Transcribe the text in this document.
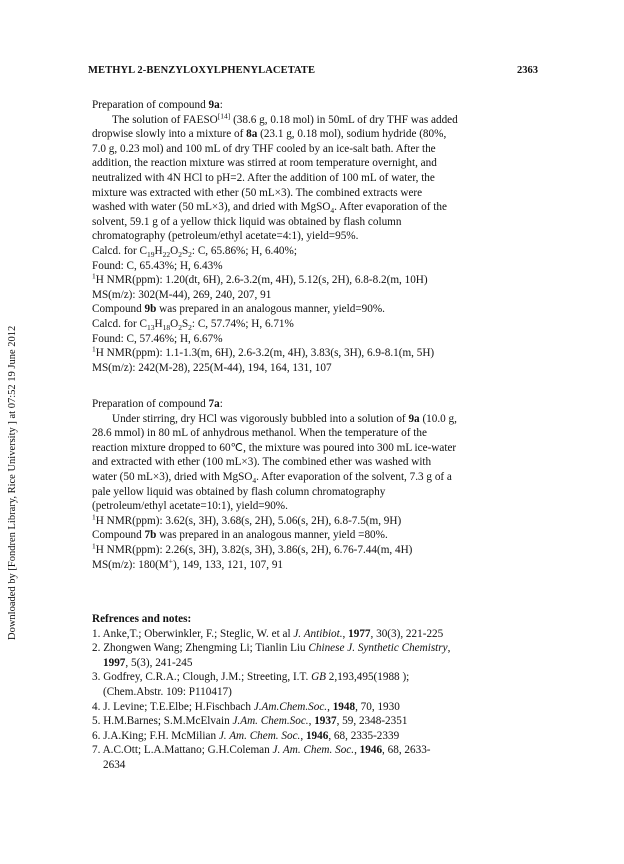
METHYL 2-BENZYLOXYLPHENYLACETATE	2363
Downloaded by [Fondren Library, Rice University ] at 07:52 19 June 2012
Preparation of compound 9a:
The solution of FAESO[14] (38.6 g, 0.18 mol) in 50mL of dry THF was added
dropwise slowly into a mixture of 8a (23.1 g, 0.18 mol), sodium hydride (80%,
7.0 g, 0.23 mol) and 100 mL of dry THF cooled by an ice-salt bath. After the
addition, the reaction mixture was stirred at room temperature overnight, and
neutralized with 4N HCl to pH=2. After the addition of 100 mL of water, the
mixture was extracted with ether (50 mL×3). The combined extracts were
washed with water (50 mL×3), and dried with MgSO$_4$. After evaporation of the
solvent, 59.1 g of a yellow thick liquid was obtained by flash column
chromatography (petroleum/ethyl acetate=4:1), yield=95%.
Calcd. for $C_{19}H_{22}O_2S_2$: C, 65.86%; H, 6.40%;
Found: C, 65.43%; H, 6.43%
$^1$H NMR(ppm): 1.20(dt, 6H), 2.6-3.2(m, 4H), 5.12(s, 2H), 6.8-8.2(m, 10H)
MS(m/z): 302(M-44), 269, 240, 207, 91
Compound 9b was prepared in an analogous manner, yield=90%.
Calcd. for $C_{13}H_{18}O_2S_2$: C, 57.74%; H, 6.71%
Found: C, 57.46%; H, 6.67%
$^1$H NMR(ppm): 1.1-1.3(m, 6H), 2.6-3.2(m, 4H), 3.83(s, 3H), 6.9-8.1(m, 5H)
MS(m/z): 242(M-28), 225(M-44), 194, 164, 131, 107
Preparation of compound 7a:
Under stirring, dry HCl was vigorously bubbled into a solution of 9a (10.0 g,
28.6 mmol) in 80 mL of anhydrous methanol. When the temperature of the
reaction mixture dropped to 60℃, the mixture was poured into 300 mL ice-water
and extracted with ether (100 mL×3). The combined ether was washed with
water (50 mL×3), dried with MgSO$_4$. After evaporation of the solvent, 7.3 g of a
pale yellow liquid was obtained by flash column chromatography
(petroleum/ethyl acetate=10:1), yield=90%.
$^1$H NMR(ppm): 3.62(s, 3H), 3.68(s, 2H), 5.06(s, 2H), 6.8-7.5(m, 9H)
Compound 7b was prepared in an analogous manner, yield =80%.
$^1$H NMR(ppm): 2.26(s, 3H), 3.82(s, 3H), 3.86(s, 2H), 6.76-7.44(m, 4H)
MS(m/z): 180(M+), 149, 133, 121, 107, 91
Refrences and notes:
1. Anke,T.; Oberwinkler, F.; Steglic, W. et al J. Antibiot., 1977, 30(3), 221-225
2. Zhongwen Wang; Zhengming Li; Tianlin Liu Chinese J. Synthetic Chemistry,
1997, 5(3), 241-245
3. Godfrey, C.R.A.; Clough, J.M.; Streeting, I.T. GB 2,193,495(1988 );
(Chem.Abstr. 109: P110417)
4. J. Levine; T.E.Elbe; H.Fischbach J.Am.Chem.Soc., 1948, 70, 1930
5. H.M.Barnes; S.M.McElvain J.Am. Chem.Soc., 1937, 59, 2348-2351
6. J.A.King; F.H. McMilian J. Am. Chem. Soc., 1946, 68, 2335-2339
7. A.C.Ott; L.A.Mattano; G.H.Coleman J. Am. Chem. Soc., 1946, 68, 2633-
2634
